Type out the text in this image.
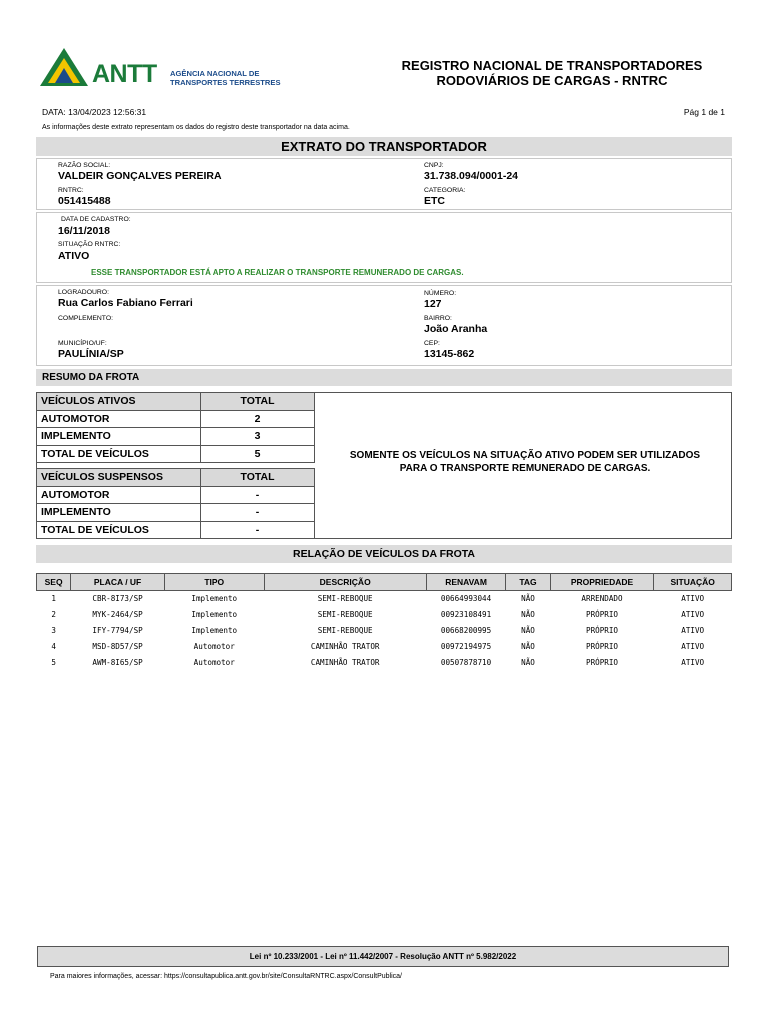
ANTT AGÊNCIA NACIONAL DE
TRANSPORTES TERRESTRES
REGISTRO NACIONAL DE TRANSPORTADORES
RODOVIÁRIOS DE CARGAS - RNTRC
DATA: 13/04/2023 12:56:31	Pág 1 de 1
As informações deste extrato representam os dados do registro deste transportador na data acima.
EXTRATO DO TRANSPORTADOR
RAZÃO SOCIAL:
VALDEIR GONÇALVES PEREIRA
CNPJ:
31.738.094/0001-24
RNTRC:
051415488
CATEGORIA:
ETC
DATA DE CADASTRO:
16/11/2018
SITUAÇÃO RNTRC:
ATIVO
ESSE TRANSPORTADOR ESTÁ APTO A REALIZAR O TRANSPORTE REMUNERADO DE CARGAS.
LOGRADOURO:
Rua Carlos Fabiano Ferrari
NÚMERO:
127
COMPLEMENTO:	BAIRRO:
João Aranha
MUNICÍPIO/UF:
PAULÍNIA/SP
CEP:
13145-862
RESUMO DA FROTA
SOMENTE OS VEÍCULOS NA SITUAÇÃO ATIVO PODEM SER UTILIZADOS
PARA O TRANSPORTE REMUNERADO DE CARGAS.
VEÍCULOS ATIVOS	TOTAL
AUTOMOTOR	2
IMPLEMENTO	3
TOTAL DE VEÍCULOS	5
VEÍCULOS SUSPENSOS	TOTAL
AUTOMOTOR	-
IMPLEMENTO	-
TOTAL DE VEÍCULOS	-
RELAÇÃO DE VEÍCULOS DA FROTA
SEQ	PLACA / UF	TIPO	DESCRIÇÃO	RENAVAM	TAG	PROPRIEDADE	SITUAÇÃO
1	CBR-8I73/SP	Implemento	SEMI-REBOQUE	00664993044	NÃO	ARRENDADO	ATIVO
2	MYK-2464/SP	Implemento	SEMI-REBOQUE	00923108491	NÃO	PRÓPRIO	ATIVO
3	IFY-7794/SP	Implemento	SEMI-REBOQUE	00668200995	NÃO	PRÓPRIO	ATIVO
4	MSD-8D57/SP	Automotor	CAMINHÃO TRATOR	00972194975	NÃO	PRÓPRIO	ATIVO
5	AWM-8I65/SP	Automotor	CAMINHÃO TRATOR	00507878710	NÃO	PRÓPRIO	ATIVO
Lei nº 10.233/2001 - Lei nº 11.442/2007 - Resolução ANTT nº 5.982/2022
Para maiores informações, acessar: https://consultapublica.antt.gov.br/site/ConsultaRNTRC.aspx/ConsultPublica/
